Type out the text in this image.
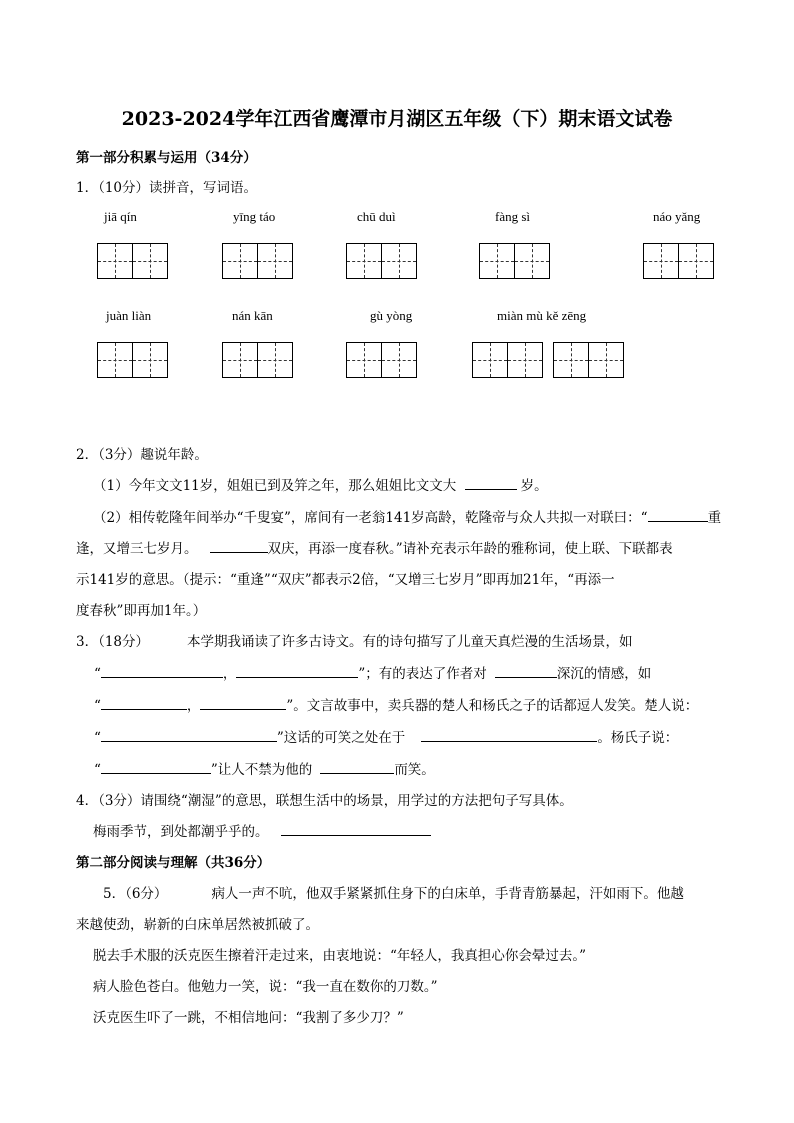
2023-2024学年江西省鹰潭市月湖区五年级（下）期末语文试卷
第一部分积累与运用（34分）
1．（10分）读拼音，写词语。
jiā qín	yīng táo	chū duì	fàng sì	náo yǎng
juàn liàn	nán kān	gù yòng	miàn mù kě zēng
2．（3分）趣说年龄。
（1）今年文文11岁，姐姐已到及笄之年，那么姐姐比文文大	岁。
（2）相传乾隆年间举办“千叟宴”，席间有一老翁141岁高龄，乾隆帝与众人共拟一对联曰：“	重
逢，又增三七岁月。	双庆，再添一度春秋。”请补充表示年龄的雅称词，使上联、下联都表
示141岁的意思。（提示：“重逢”“双庆”都表示2倍，“又增三七岁月”即再加21年，“再添一
度春秋”即再加1年。）
3．（18分）	本学期我诵读了许多古诗文。有的诗句描写了儿童天真烂漫的生活场景，如
“	，	”；有的表达了作者对	深沉的情感，如
“	，	”。文言故事中，卖兵器的楚人和杨氏之子的话都逗人发笑。楚人说：
“	”这话的可笑之处在于	。杨氏子说：
“	”让人不禁为他的	而笑。
4．（3分）请围绕“潮湿”的意思，联想生活中的场景，用学过的方法把句子写具体。
梅雨季节，到处都潮乎乎的。
第二部分阅读与理解（共36分）
5．（6分）	病人一声不吭，他双手紧紧抓住身下的白床单，手背青筋暴起，汗如雨下。他越
来越使劲，崭新的白床单居然被抓破了。
脱去手术服的沃克医生擦着汗走过来，由衷地说：“年轻人，我真担心你会晕过去。”
病人脸色苍白。他勉力一笑，说：“我一直在数你的刀数。”
沃克医生吓了一跳，不相信地问：“我割了多少刀？”
